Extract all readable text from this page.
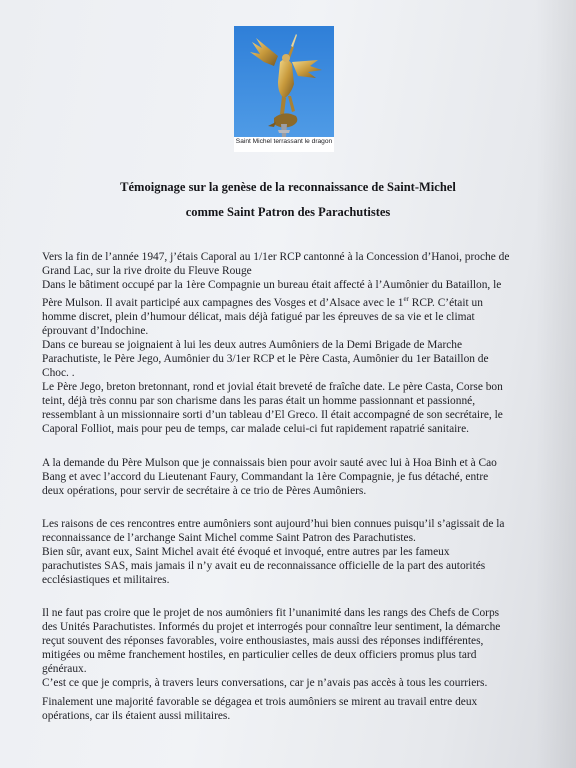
Saint Michel terrassant le dragon
Témoignage sur la genèse de la reconnaissance de Saint-Michel
comme Saint Patron des Parachutistes
Vers la fin de l’année 1947, j’étais Caporal au 1/1er RCP cantonné à la Concession d’Hanoi, proche de
Grand Lac, sur la rive droite du Fleuve Rouge
Dans le bâtiment occupé par la 1ère Compagnie un bureau était affecté à l’Aumônier du Bataillon, le
Père Mulson. Il avait participé aux campagnes des Vosges et d’Alsace avec le 1er RCP. C’était un
homme discret, plein d’humour délicat, mais déjà fatigué par les épreuves de sa vie et le climat
éprouvant d’Indochine.
Dans ce bureau se joignaient à lui les deux autres Aumôniers de la Demi Brigade de Marche
Parachutiste, le Père Jego, Aumônier du 3/1er RCP et le Père Casta, Aumônier du 1er Bataillon de
Choc. .
Le Père Jego, breton bretonnant, rond et jovial était breveté de fraîche date. Le père Casta, Corse bon
teint, déjà très connu par son charisme dans les paras était un homme passionnant et passionné,
ressemblant à un missionnaire sorti d’un tableau d’El Greco. Il était accompagné de son secrétaire, le
Caporal Folliot, mais pour peu de temps, car malade celui-ci fut rapidement rapatrié sanitaire.
A la demande du Père Mulson que je connaissais bien pour avoir sauté avec lui à Hoa Binh et à Cao
Bang et avec l’accord du Lieutenant Faury, Commandant la 1ère Compagnie, je fus détaché, entre
deux opérations, pour servir de secrétaire à ce trio de Pères Aumôniers.
Les raisons de ces rencontres entre aumôniers sont aujourd’hui bien connues puisqu’il s’agissait de la
reconnaissance de l’archange Saint Michel comme Saint Patron des Parachutistes.
Bien sûr, avant eux, Saint Michel avait été évoqué et invoqué, entre autres par les fameux
parachutistes SAS, mais jamais il n’y avait eu de reconnaissance officielle de la part des autorités
ecclésiastiques et militaires.
Il ne faut pas croire que le projet de nos aumôniers fit l’unanimité dans les rangs des Chefs de Corps
des Unités Parachutistes. Informés du projet et interrogés pour connaître leur sentiment, la démarche
reçut souvent des réponses favorables, voire enthousiastes, mais aussi des réponses indifférentes,
mitigées ou même franchement hostiles, en particulier celles de deux officiers promus plus tard
généraux.
C’est ce que je compris, à travers leurs conversations, car je n’avais pas accès à tous les courriers.
Finalement une majorité favorable se dégagea et trois aumôniers se mirent au travail entre deux
opérations, car ils étaient aussi militaires.
